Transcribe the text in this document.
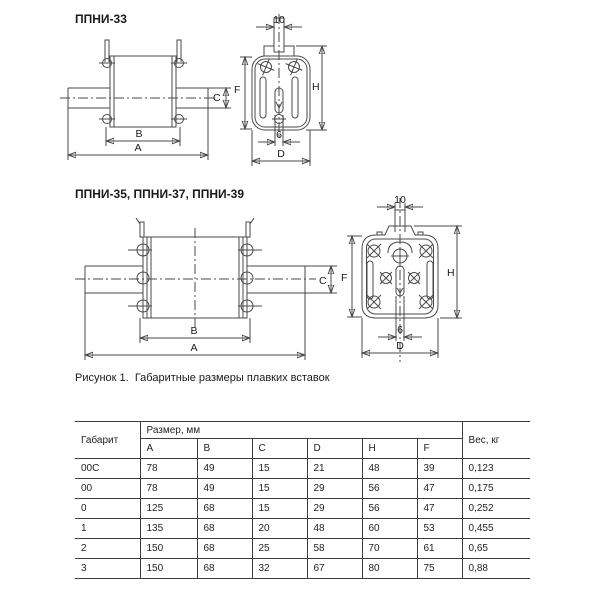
ППНИ-33
ППНИ-35, ППНИ-37, ППНИ-39
C
B
A
10
H
F
6
D
C
B
A
10
F	H
6
D
Рисунок 1.  Габаритные размеры плавких вставок
Габарит	Размер, мм						Вес, кг
	A	B	C	D	H	F	
00C	78	49	15	21	48	39	0,123
00	78	49	15	29	56	47	0,175
0	125	68	15	29	56	47	0,252
1	135	68	20	48	60	53	0,455
2	150	68	25	58	70	61	0,65
3	150	68	32	67	80	75	0,88
